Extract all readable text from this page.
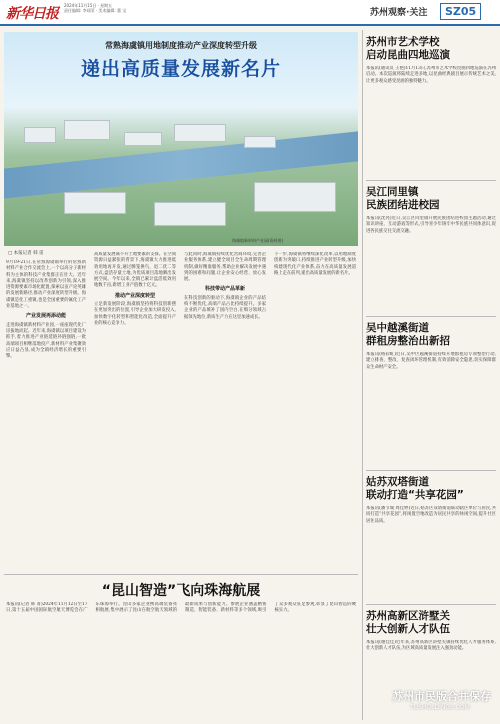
新华日报
2024年11月15日 · 星期五
责任编辑: 李翊菲 · 美术编辑: 董 宝	苏州观察·关注	SZ05
常熟海虞镇用地制度推动产业深度转型升级
递出高质量发展新名片
海虞镇新材料产业园(资料图)
□ 本报记者 韩 雷
9月19-21日,在常熟海虞镇举行的常熟新材料产业合作交流会上,一个以高分子新材料为主体的科技产业集群正在壮大。近年来,海虞镇坚持以改革创新为引领,深入推进资源要素市场化配置,探索以亩产论英雄的发展新路径,推动产业深度转型升级。海虞镇是化工重镇,也是全国重要的氟化工产业基地之一。
产业发展再添动能
走进海虞镇新材料产业园,一座座现代化厂房拔地而起。近年来,海虞镇以项目建设为抓手,着力推进产业链延链补链强链,一批高端项目相继落地投产,新材料产业集聚效应日益凸显,成为全镇经济增长的重要引擎。
高质量发展离不开土地要素的支撑。在空间资源日益紧张的背景下,海虞镇大力推进低效用地再开发,通过腾笼换鸟、退二优二等方式,盘活存量土地,为优质项目落地腾出发展空间。今年以来,全镇已累计盘活低效用地数千亩,新增工业产值数十亿元。
推动产业深度转型
立足新发展阶段,海虞镇坚持将科技创新摆在更加突出的位置,引导企业加大研发投入,加快数字化转型和智能化改造,全面提升产业的核心竞争力。
与此同时,海虞镇持续优化营商环境,完善企业服务体系,建立健全项目全生命周期管理机制,做好精准服务,帮助企业解决发展中遇到的困难和问题,让企业安心经营、放心发展。
科技带动产品革新
在科技创新的驱动下,海虞镇企业的产品结构不断优化,高端产品占比持续提升。多家企业的产品填补了国内空白,在细分领域占据领先地位,新质生产力在这里加速成长。
下一步,海虞镇将继续深化改革,以用地制度创新为突破口,持续推进产业转型升级,加快构建现代化产业体系,奋力在高质量发展道路上走在前列,递出高质量发展的新名片。
“昆山智造”飞向珠海航展
本报讯(记者 韩 菁)2024年11月12日至17日,第十五届中国国际航空航天博览会在广东珠海举行。昆山多家企业携高端装备亮相航展,集中展示了昆山在航空航天领域的最新成果与创新能力。参展企业涵盖精密制造、智能装备、新材料等多个领域,吸引了众多观众驻足参观,彰显了昆山智造的硬核实力。
苏州市艺术学校
启动昆曲四地巡演
本报讯(通讯员 王艳)11月13日,苏州市艺术学校昆曲四地巡演在苏州启动。本次巡演将陆续走进多地,以昆曲经典剧目展示传统艺术之美,让更多观众感受昆曲的独特魅力。
吴江同里镇
民族团结进校园
本报讯(沈亮)近日,吴江区同里镇开展民族团结进校园主题活动,通过知识讲座、互动游戏等形式,引导青少年铸牢中华民族共同体意识,促进各民族交往交流交融。
吴中越溪街道
群租房整治出新招
本报讯(杨彩虹)近日,吴中区越溪街道持续开展群租房专项整治行动,建立排查、整改、复查闭环管理机制,有效消除安全隐患,切实保障群众生命财产安全。
姑苏双塔街道
联动打造“共享花园”
本报讯(潘节瑜 周佳婷)近日,姑苏区双塔街道联动辖区单位与居民,共同打造“共享花园”,将闲置空地改造为居民共享的休闲空间,提升社区居住品质。
苏州高新区浒墅关
壮大创新人才队伍
本报讯(谢佳佳)近年来,苏州高新区浒墅关镇持续优化人才服务体系,壮大创新人才队伍,为区域高质量发展注入强劲动能。
苏州市民版合并保存
TUSHOLDINGS.COM
